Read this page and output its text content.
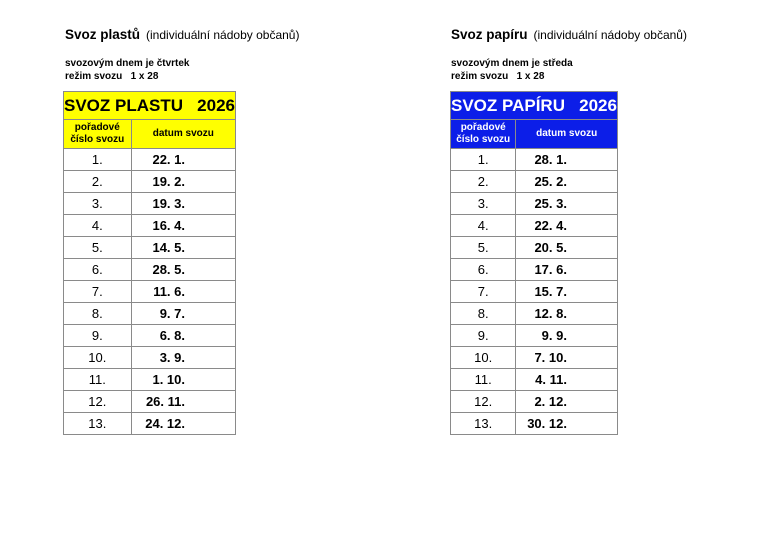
Svoz plastů (individuální nádoby občanů)
svozovým dnem je čtvrtek
režim svozu   1 x 28
SVOZ PLASTU   2026	

pořadové
číslo svozu	datum svozu
1.	22. 1.
2.	19. 2.
3.	19. 3.
4.	16. 4.
5.	14. 5.
6.	28. 5.
7.	11. 6.
8.	9. 7.
9.	6. 8.
10.	3. 9.
11.	1. 10.
12.	26. 11.
13.	24. 12.
Svoz papíru (individuální nádoby občanů)
svozovým dnem je středa
režim svozu   1 x 28
SVOZ PAPÍRU   2026	

pořadové
číslo svozu	datum svozu
1.	28. 1.
2.	25. 2.
3.	25. 3.
4.	22. 4.
5.	20. 5.
6.	17. 6.
7.	15. 7.
8.	12. 8.
9.	9. 9.
10.	7. 10.
11.	4. 11.
12.	2. 12.
13.	30. 12.
